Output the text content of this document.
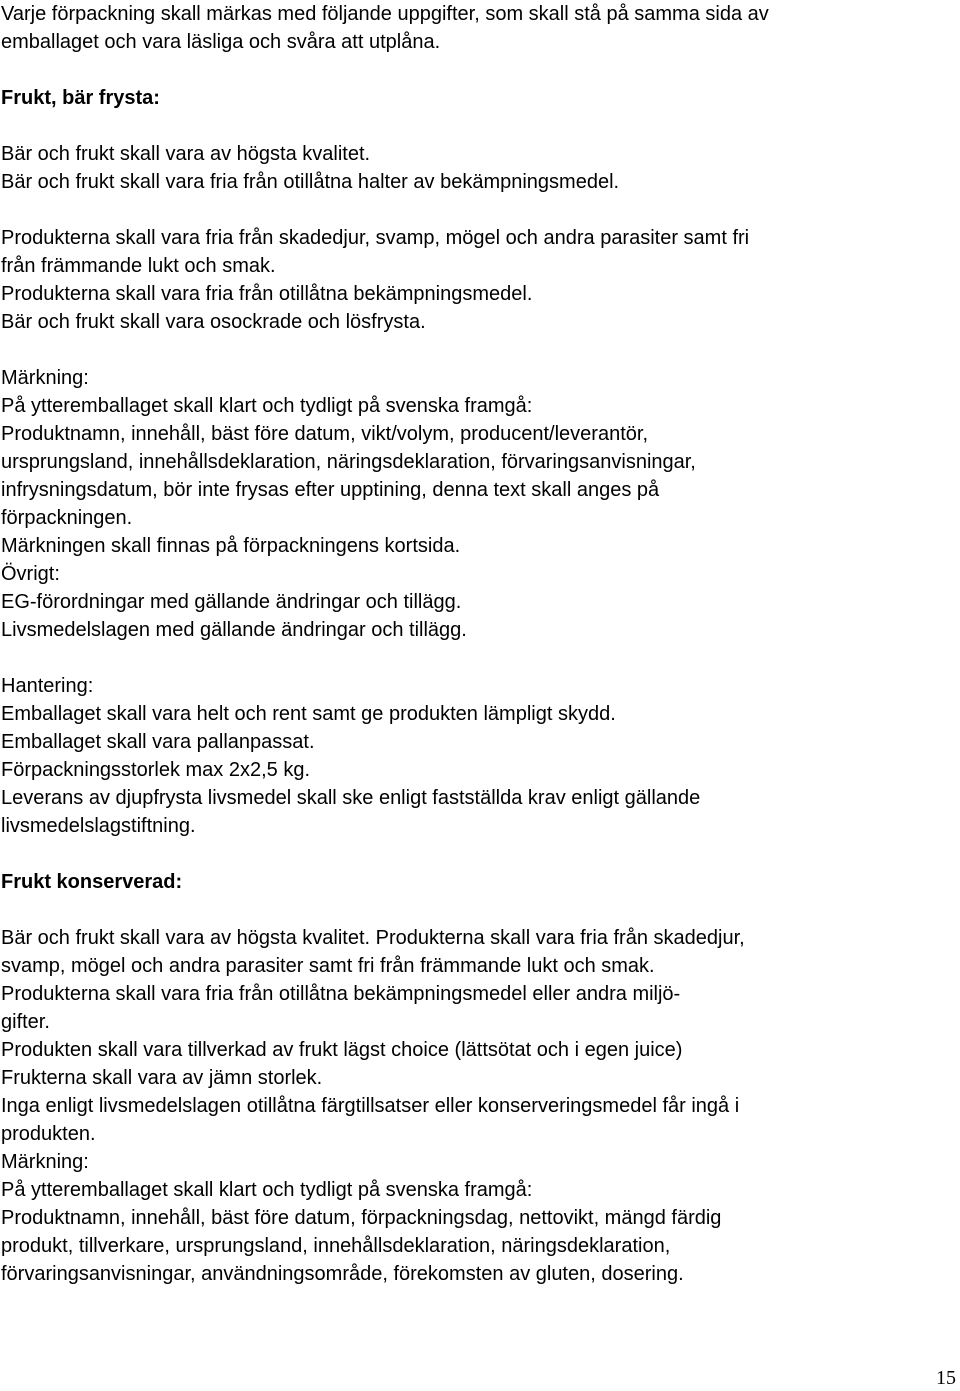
Varje förpackning skall märkas med följande uppgifter, som skall stå på samma sida av
emballaget och vara läsliga och svåra att utplåna.
Frukt, bär frysta:
Bär och frukt skall vara av högsta kvalitet.
Bär och frukt skall vara fria från otillåtna halter av bekämpningsmedel.
Produkterna skall vara fria från skadedjur, svamp, mögel och andra parasiter samt fri
från främmande lukt och smak.
Produkterna skall vara fria från otillåtna bekämpningsmedel.
Bär och frukt skall vara osockrade och lösfrysta.
Märkning:
På ytteremballaget skall klart och tydligt på svenska framgå:
Produktnamn, innehåll, bäst före datum, vikt/volym, producent/leverantör,
ursprungsland, innehållsdeklaration, näringsdeklaration, förvaringsanvisningar,
infrysningsdatum, bör inte frysas efter upptining, denna text skall anges på
förpackningen.
Märkningen skall finnas på förpackningens kortsida.
Övrigt:
EG-förordningar med gällande ändringar och tillägg.
Livsmedelslagen med gällande ändringar och tillägg.
Hantering:
Emballaget skall vara helt och rent samt ge produkten lämpligt skydd.
Emballaget skall vara pallanpassat.
Förpackningsstorlek max 2x2,5 kg.
Leverans av djupfrysta livsmedel skall ske enligt fastställda krav enligt gällande
livsmedelslagstiftning.
Frukt konserverad:
Bär och frukt skall vara av högsta kvalitet. Produkterna skall vara fria från skadedjur,
svamp, mögel och andra parasiter samt fri från främmande lukt och smak.
Produkterna skall vara fria från otillåtna bekämpningsmedel eller andra miljö-
gifter.
Produkten skall vara tillverkad av frukt lägst choice (lättsötat och i egen juice)
Frukterna skall vara av jämn storlek.
Inga enligt livsmedelslagen otillåtna färgtillsatser eller konserveringsmedel får ingå i
produkten.
Märkning:
På ytteremballaget skall klart och tydligt på svenska framgå:
Produktnamn, innehåll, bäst före datum, förpackningsdag, nettovikt, mängd färdig
produkt, tillverkare, ursprungsland, innehållsdeklaration, näringsdeklaration,
förvaringsanvisningar, användningsområde, förekomsten av gluten, dosering.
15
